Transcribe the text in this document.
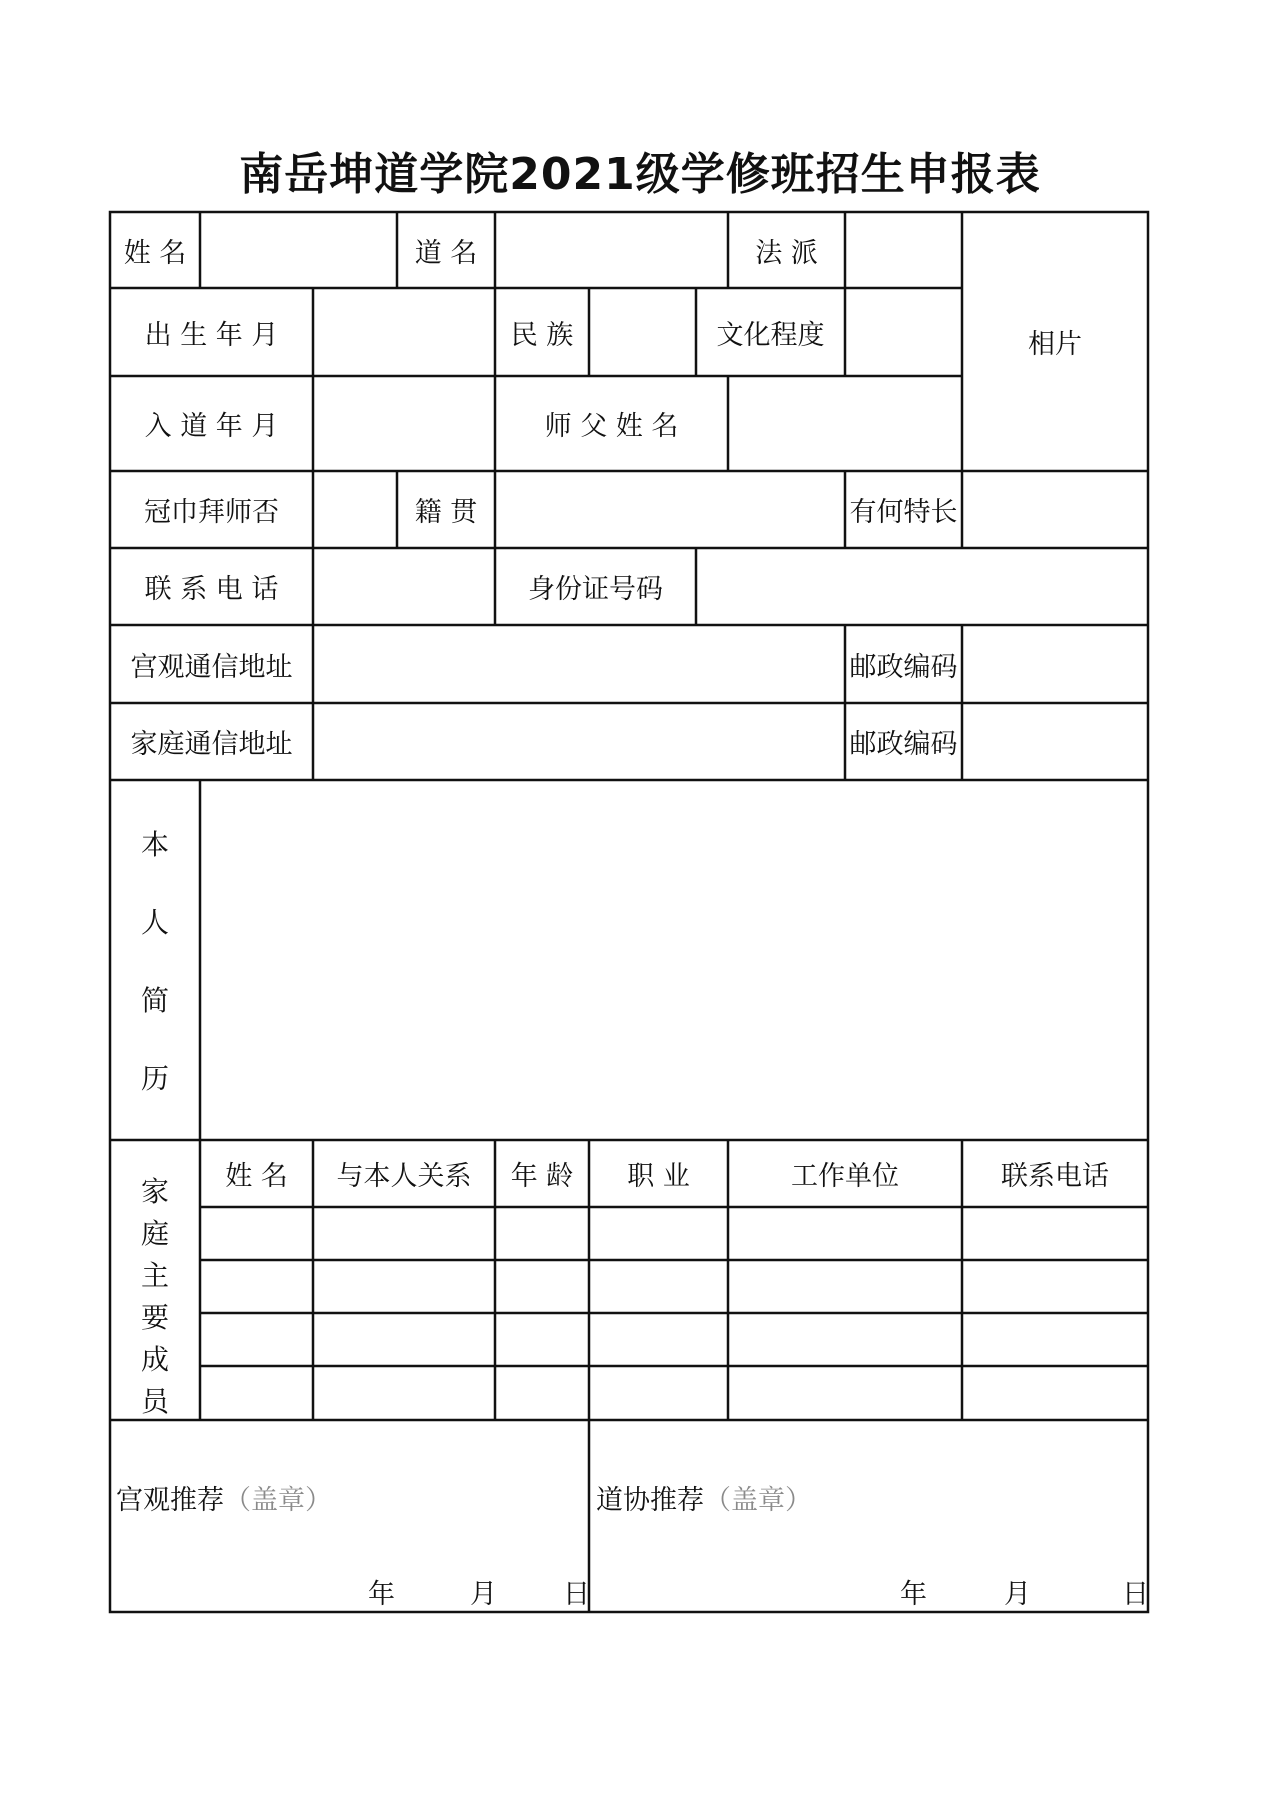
南岳坤道学院2021级学修班招生申报表
姓 名	道 名	法 派
相片
出 生 年 月	民 族	文化程度
入 道 年 月	师 父 姓 名
冠巾拜师否	籍 贯	有何特长
联 系 电 话	身份证号码
宫观通信地址	邮政编码
家庭通信地址	邮政编码
本
人
简
历
家
庭
主
要
成
员
姓 名	与本人关系	年 龄	职 业	工作单位	联系电话
宫观推荐（盖章）
年	月 日
道协推荐（盖章）
年	月	日
